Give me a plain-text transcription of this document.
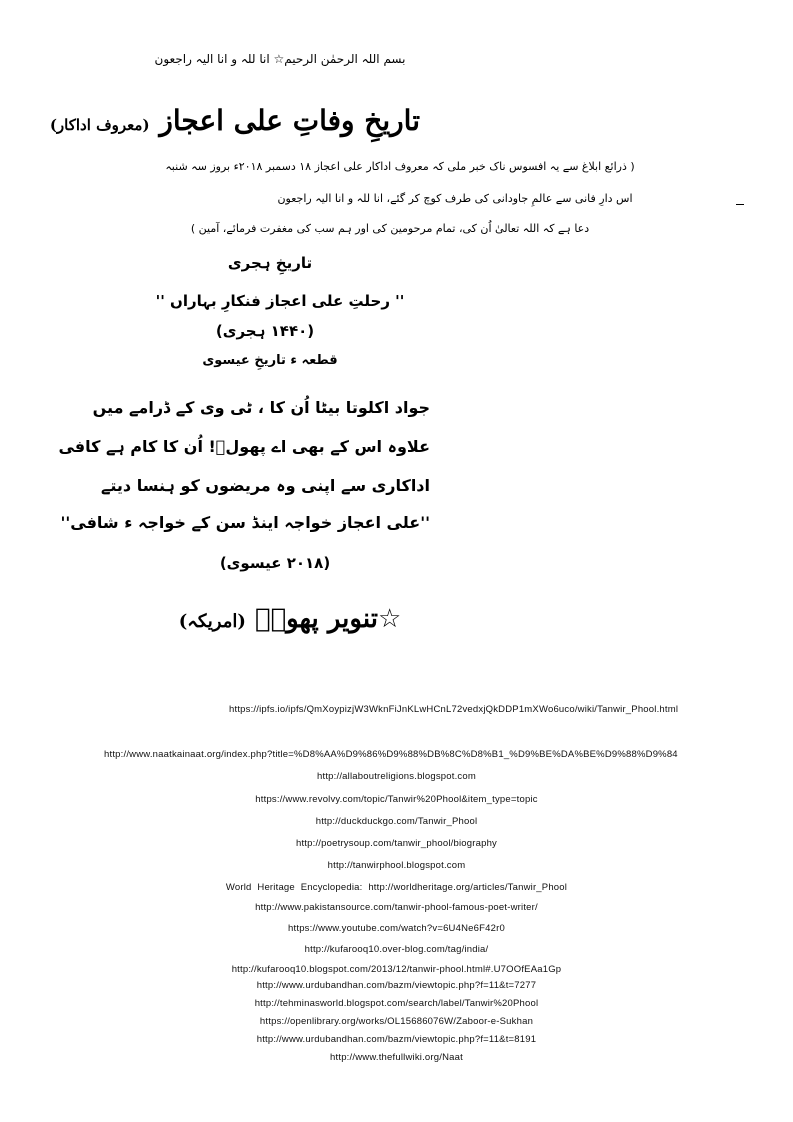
بسم اللہ الرحمٰن الرحیم☆ انا للہ و انا الیہ راجعون
تاریخِ وفاتِ علی اعجاز (معروف اداکار)
( ذرائع ابلاغ سے یہ افسوس ناک خبر ملی کہ معروف اداکار علی اعجاز ۱۸ دسمبر ۲۰۱۸ء بروز سہ شنبہ
اس دارِ فانی سے عالمِ جاودانی کی طرف کوچ کر گئے، انا للہ و انا الیہ راجعون
دعا ہے کہ اللہ تعالیٰ اُن کی، تمام مرحومین کی اور ہم سب کی مغفرت فرمائے، آمین )
تاریخِ ہجری
'' رحلتِ علی اعجاز فنکارِ بہاراں ''
(۱۴۴۰ ہجری)
قطعہ ء تاریخِ عیسوی
جواد اکلوتا بیٹا اُن کا ، ٹی وی کے ڈرامے میں
علاوہ اس کے بھی اے پھولؔ! اُن کا کام ہے کافی
اداکاری سے اپنی وہ مریضوں کو ہنسا دیتے
''علی اعجاز خواجہ اینڈ سن کے خواجہ ء شافی''
(۲۰۱۸ عیسوی)
☆تنویر پھولؔ (امریکہ)
https://ipfs.io/ipfs/QmXoypizjW3WknFiJnKLwHCnL72vedxjQkDDP1mXWo6uco/wiki/Tanwir_Phool.html
http://www.naatkainaat.org/index.php?title=%D8%AA%D9%86%D9%88%DB%8C%D8%B1_%D9%BE%DA%BE%D9%88%D9%84
http://allaboutreligions.blogspot.com
https://www.revolvy.com/topic/Tanwir%20Phool&item_type=topic
http://duckduckgo.com/Tanwir_Phool
http://poetrysoup.com/tanwir_phool/biography
http://tanwirphool.blogspot.com
World Heritage Encyclopedia: http://worldheritage.org/articles/Tanwir_Phool
http://www.pakistansource.com/tanwir-phool-famous-poet-writer/
https://www.youtube.com/watch?v=6U4Ne6F42r0
http://kufarooq10.over-blog.com/tag/india/
http://kufarooq10.blogspot.com/2013/12/tanwir-phool.html#.U7OOfEAa1Gp
http://www.urdubandhan.com/bazm/viewtopic.php?f=11&t=7277
http://tehminasworld.blogspot.com/search/label/Tanwir%20Phool
https://openlibrary.org/works/OL15686076W/Zaboor-e-Sukhan
http://www.urdubandhan.com/bazm/viewtopic.php?f=11&t=8191
http://www.thefullwiki.org/Naat
